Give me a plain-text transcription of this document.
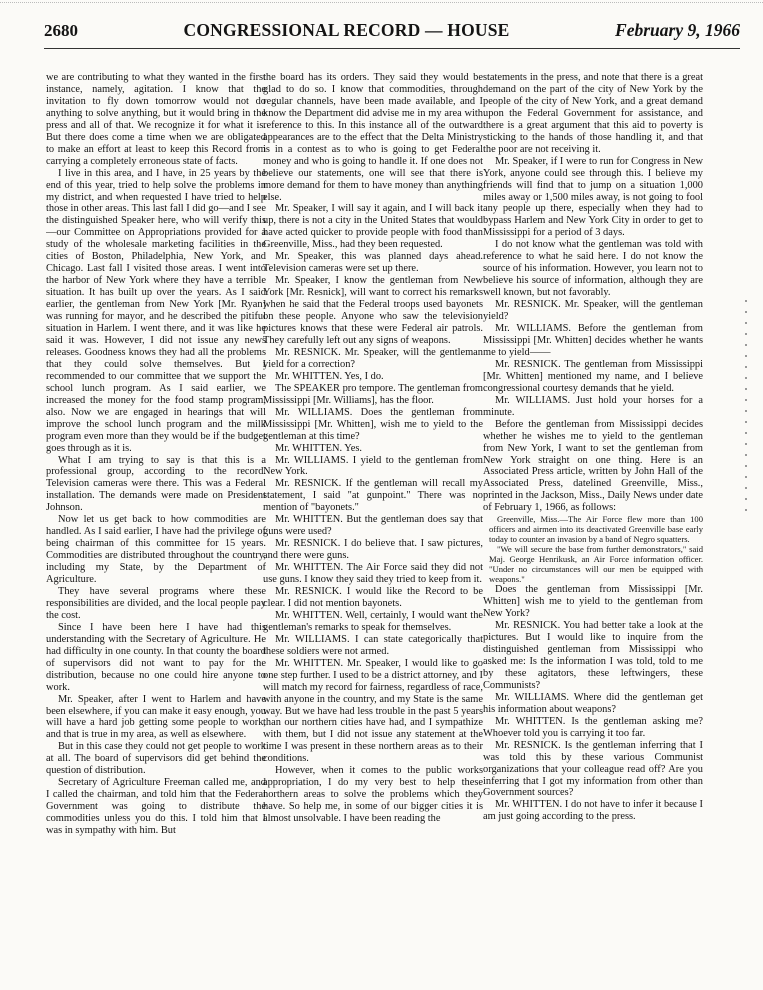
2680	CONGRESSIONAL RECORD — HOUSE	February 9, 1966

we are contributing to what they wanted in the first instance, namely, agitation. I know that the invitation to fly down tomorrow would not do anything to solve anything, but it would bring in the press and all of that. We recognize it for what it is. But there does come a time when we are obligated to make an effort at least to keep this Record from carrying a completely erroneous state of facts.

I live in this area, and I have, in 25 years by the end of this year, tried to help solve the problems in my district, and when requested I have tried to help those in other areas. This last fall I did go—and I see the distinguished Speaker here, who will verify this—our Committee on Appropriations provided for a study of the wholesale marketing facilities in the cities of Boston, Philadelphia, New York, and Chicago. Last fall I visited those areas. I went into the harbor of New York where they have a terrible situation. It has built up over the years. As I said earlier, the gentleman from New York [Mr. Ryan] was running for mayor, and he described the pitiful situation in Harlem. I went there, and it was like he said it was. However, I did not issue any news releases. Goodness knows they had all the problems that they could solve themselves. But I recommended to our committee that we support the school lunch program. As I said earlier, we increased the money for the food stamp program, also. Now we are engaged in hearings that will improve the school lunch program and the milk program even more than they would be if the budget goes through as it is.

What I am trying to say is that this is a professional group, according to the record. Television cameras were there. This was a Federal installation. The demands were made on President Johnson.

Now let us get back to how commodities are handled. As I said earlier, I have had the privilege of being chairman of this committee for 15 years. Commodities are distributed throughout the country, including my State, by the Department of Agriculture.

They have several programs where these responsibilities are divided, and the local people pay the cost.

Since I have been here I have had this understanding with the Secretary of Agriculture. He had difficulty in one county. In that county the board of supervisors did not want to pay for the distribution, because no one could hire anyone to work.

Mr. Speaker, after I went to Harlem and have been elsewhere, if you can make it easy enough, you will have a hard job getting some people to work, and that is true in my area, as well as elsewhere.

But in this case they could not get people to work at all. The board of supervisors did get behind the question of distribution.

Secretary of Agriculture Freeman called me, and I called the chairman, and told him that the Federal Government was going to distribute the commodities unless you do this. I told him that I was in sympathy with him. But

the board has its orders. They said they would be glad to do so. I know that commodities, through regular channels, have been made available, and I know the Department did advise me in my area with reference to this. In this instance all of the outward appearances are to the effect that the Delta Ministry is in a contest as to who is going to get Federal money and who is going to handle it. If one does not believe our statements, one will see that there is more demand for them to have money than anything else.

Mr. Speaker, I will say it again, and I will back it up, there is not a city in the United States that would have acted quicker to provide people with food than Greenville, Miss., had they been requested.

Mr. Speaker, this was planned days ahead. Television cameras were set up there.

Mr. Speaker, I know the gentleman from New York [Mr. Resnick], will want to correct his remarks when he said that the Federal troops used bayonets on these people. Anyone who saw the television pictures knows that these were Federal air patrols. They carefully left out any signs of weapons.

Mr. RESNICK. Mr. Speaker, will the gentleman yield for a correction?

Mr. WHITTEN. Yes, I do.

The SPEAKER pro tempore. The gentleman from Mississippi [Mr. Williams], has the floor.

Mr. WILLIAMS. Does the gentleman from Mississippi [Mr. Whitten], wish me to yield to the gentleman at this time?

Mr. WHITTEN. Yes.

Mr. WILLIAMS. I yield to the gentleman from New York.

Mr. RESNICK. If the gentleman will recall my statement, I said "at gunpoint." There was no mention of "bayonets."

Mr. WHITTEN. But the gentleman does say that guns were used?

Mr. RESNICK. I do believe that. I saw pictures, and there were guns.

Mr. WHITTEN. The Air Force said they did not use guns. I know they said they tried to keep from it.

Mr. RESNICK. I would like the Record to be clear. I did not mention bayonets.

Mr. WHITTEN. Well, certainly, I would want the gentleman's remarks to speak for themselves.

Mr. WILLIAMS. I can state categorically that these soldiers were not armed.

Mr. WHITTEN. Mr. Speaker, I would like to go one step further. I used to be a district attorney, and I will match my record for fairness, regardless of race, with anyone in the country, and my State is the same way. But we have had less trouble in the past 5 years than our northern cities have had, and I sympathize with them, but I did not issue any statement at the time I was present in these northern areas as to their conditions.

However, when it comes to the public works appropriation, I do my very best to help these northern areas to solve the problems which they have. So help me, in some of our bigger cities it is almost unsolvable. I have been reading the

statements in the press, and note that there is a great demand on the part of the city of New York by the people of the city of New York, and a great demand upon the Federal Government for assistance, and there is a great argument that this aid to poverty is sticking to the hands of those handling it, and that the poor are not receiving it.

Mr. Speaker, if I were to run for Congress in New York, anyone could see through this. I believe my friends will find that to jump on a situation 1,000 miles away or 1,500 miles away, is not going to fool any people up there, especially when they had to bypass Harlem and New York City in order to get to Mississippi for a period of 3 days.

I do not know what the gentleman was told with reference to what he said here. I do not know the source of his information. However, you learn not to believe his source of information, although they are well known, but not favorably.

Mr. RESNICK. Mr. Speaker, will the gentleman yield?

Mr. WILLIAMS. Before the gentleman from Mississippi [Mr. Whitten] decides whether he wants me to yield——

Mr. RESNICK. The gentleman from Mississippi [Mr. Whitten] mentioned my name, and I believe congressional courtesy demands that he yield.

Mr. WILLIAMS. Just hold your horses for a minute.

Before the gentleman from Mississippi decides whether he wishes me to yield to the gentleman from New York, I want to set the gentleman from New York straight on one thing. Here is an Associated Press article, written by John Hall of the Associated Press, datelined Greenville, Miss., printed in the Jackson, Miss., Daily News under date of February 1, 1966, as follows:

Greenville, Miss.—The Air Force flew more than 100 officers and airmen into its deactivated Greenville base early today to counter an invasion by a band of Negro squatters.

"We will secure the base from further demonstrators," said Maj. George Henrikusk, an Air Force information officer. "Under no circumstances will our men be equipped with weapons."

Does the gentleman from Mississippi [Mr. Whitten] wish me to yield to the gentleman from New York?

Mr. RESNICK. You had better take a look at the pictures. But I would like to inquire from the distinguished gentleman from Mississippi who asked me: Is the information I was told, told to me by these agitators, these leftwingers, these Communists?

Mr. WILLIAMS. Where did the gentleman get his information about weapons?

Mr. WHITTEN. Is the gentleman asking me? Whoever told you is carrying it too far.

Mr. RESNICK. Is the gentleman inferring that I was told this by these various Communist organizations that your colleague read off? Are you inferring that I got my information from other than Government sources?

Mr. WHITTEN. I do not have to infer it because I am just going according to the press.
